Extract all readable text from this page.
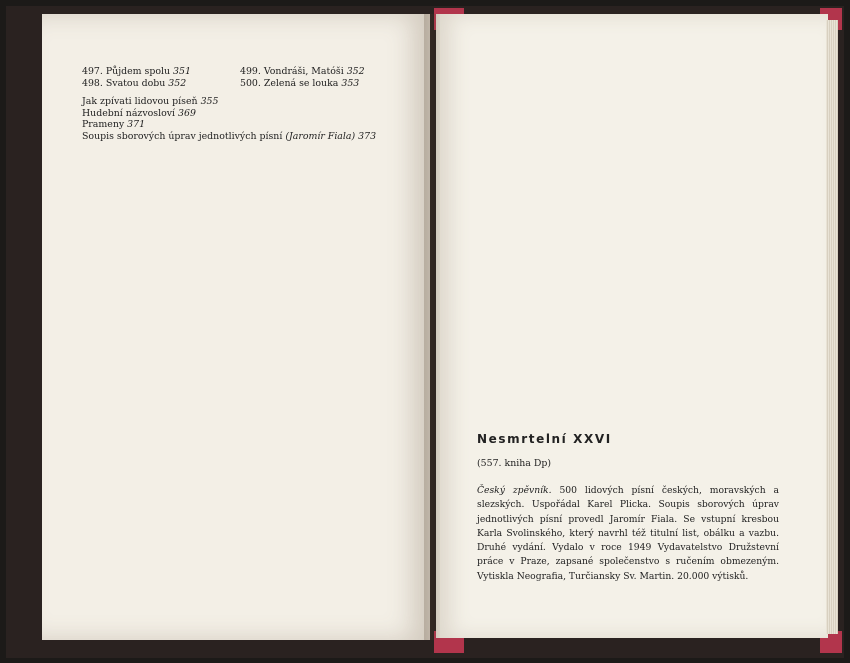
497. Půjdem spolu 351	499. Vondráši, Matóši 352
498. Svatou dobu 352	500. Zelená se louka 353
Jak zpívati lidovou píseň 355
Hudební názvosloví 369
Prameny 371
Soupis sborových úprav jednotlivých písní (Jaromír Fiala) 373
Nesmrtelní XXVI
(557. kniha Dp)
Český zpěvník. 500 lidových písní českých, moravských a slezských. Uspořádal Karel Plicka. Soupis sborových úprav jednotlivých písní provedl Jaromír Fiala. Se vstupní kresbou Karla Svolinského, který navrhl též titulní list, obálku a vazbu. Druhé vydání. Vydalo v roce 1949 Vydavatelstvo Družstevní práce v Praze, zapsané společenstvo s ručením obmezeným. Vytiskla Neografia, Turčiansky Sv. Martin. 20.000 výtisků.
